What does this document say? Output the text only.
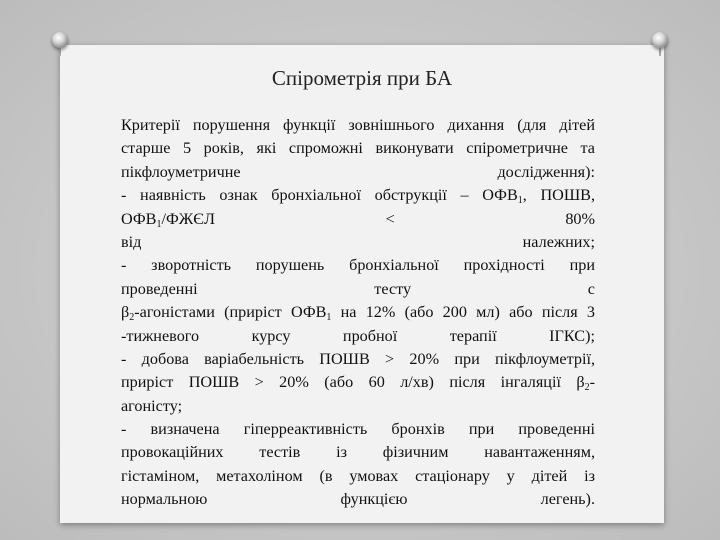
Спірометрія при БА
Критерії порушення функції зовнішнього дихання (для дітей
старше 5 років, які спроможні виконувати спірометричне та
пікфлоуметричне дослідження):
- наявність ознак бронхіальної обструкції – $ОФВ_1$, ПОШВ,
$ОФВ_1$/ФЖЄЛ < 80%
від належних;
- зворотність порушень бронхіальної прохідності при
проведенні тесту с
$\beta_2$-агоністами (приріст $ОФВ_1$ на 12% (або 200 мл) або після 3
-тижневого курсу пробної терапії ІГКС);
- добова варіабельність ПОШВ > 20% при пікфлоуметрії,
приріст ПОШВ > 20% (або 60 л/хв) після інгаляції $\beta_2-$
агоністу;
- визначена гіперреактивність бронхів при проведенні
провокаційних тестів із фізичним навантаженням,
гістаміном, метахоліном (в умовах стаціонару у дітей із
нормальною функцією легень).
